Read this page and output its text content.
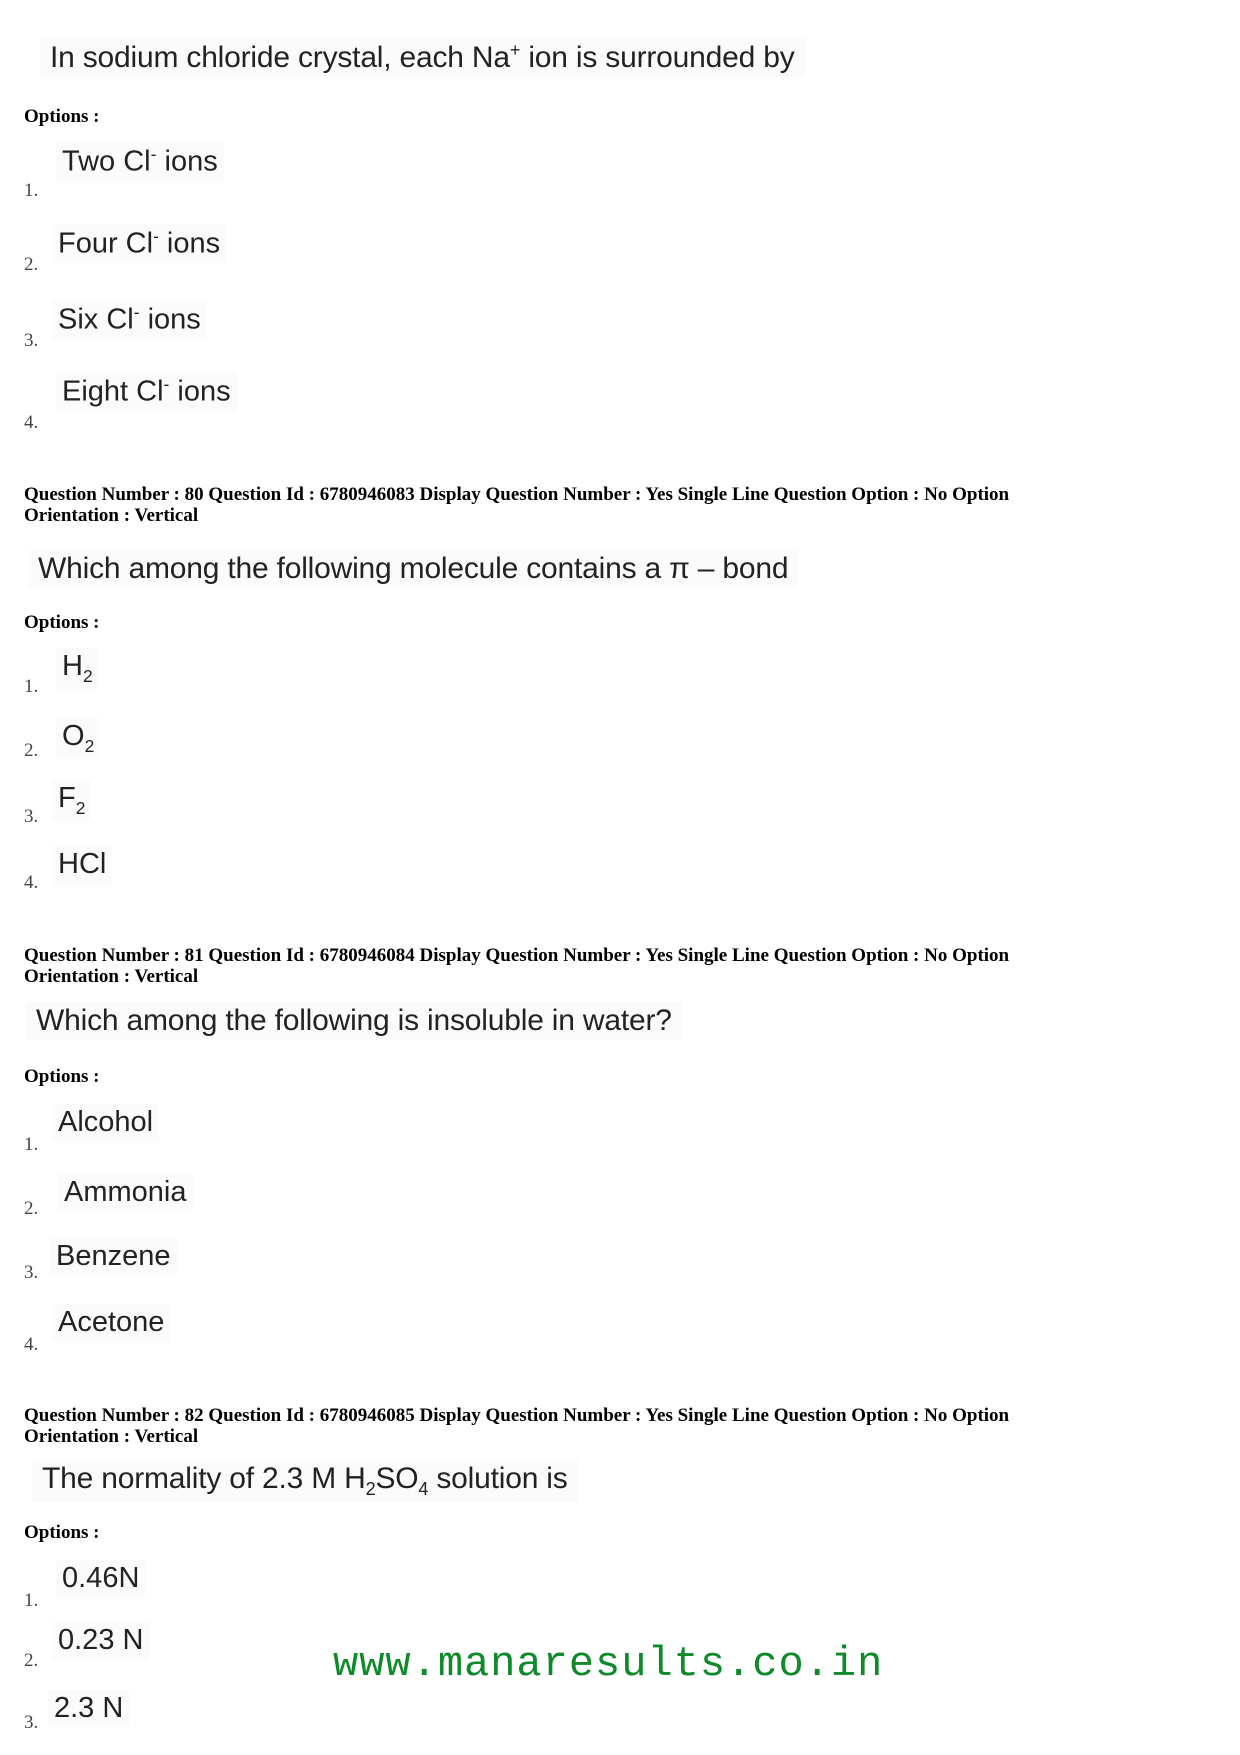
In sodium chloride crystal, each Na+ ion is surrounded by
Options :
Two Cl- ions
1.
Four Cl- ions
2.
Six Cl- ions
3.
Eight Cl- ions
4.
Question Number : 80 Question Id : 6780946083 Display Question Number : Yes Single Line Question Option : No Option
Orientation : Vertical
Which among the following molecule contains a π – bond
Options :
$H_2$
1.
$O_2$
2.
$F_2$
3.
HCl
4.
Question Number : 81 Question Id : 6780946084 Display Question Number : Yes Single Line Question Option : No Option
Orientation : Vertical
Which among the following is insoluble in water?
Options :
Alcohol
1.
Ammonia
2.
Benzene
3.
Acetone
4.
Question Number : 82 Question Id : 6780946085 Display Question Number : Yes Single Line Question Option : No Option
Orientation : Vertical
The normality of 2.3 M $H_2SO_4$ solution is
Options :
0.46N
1.
0.23 N
2.
2.3 N
3.
www.manaresults.co.in
